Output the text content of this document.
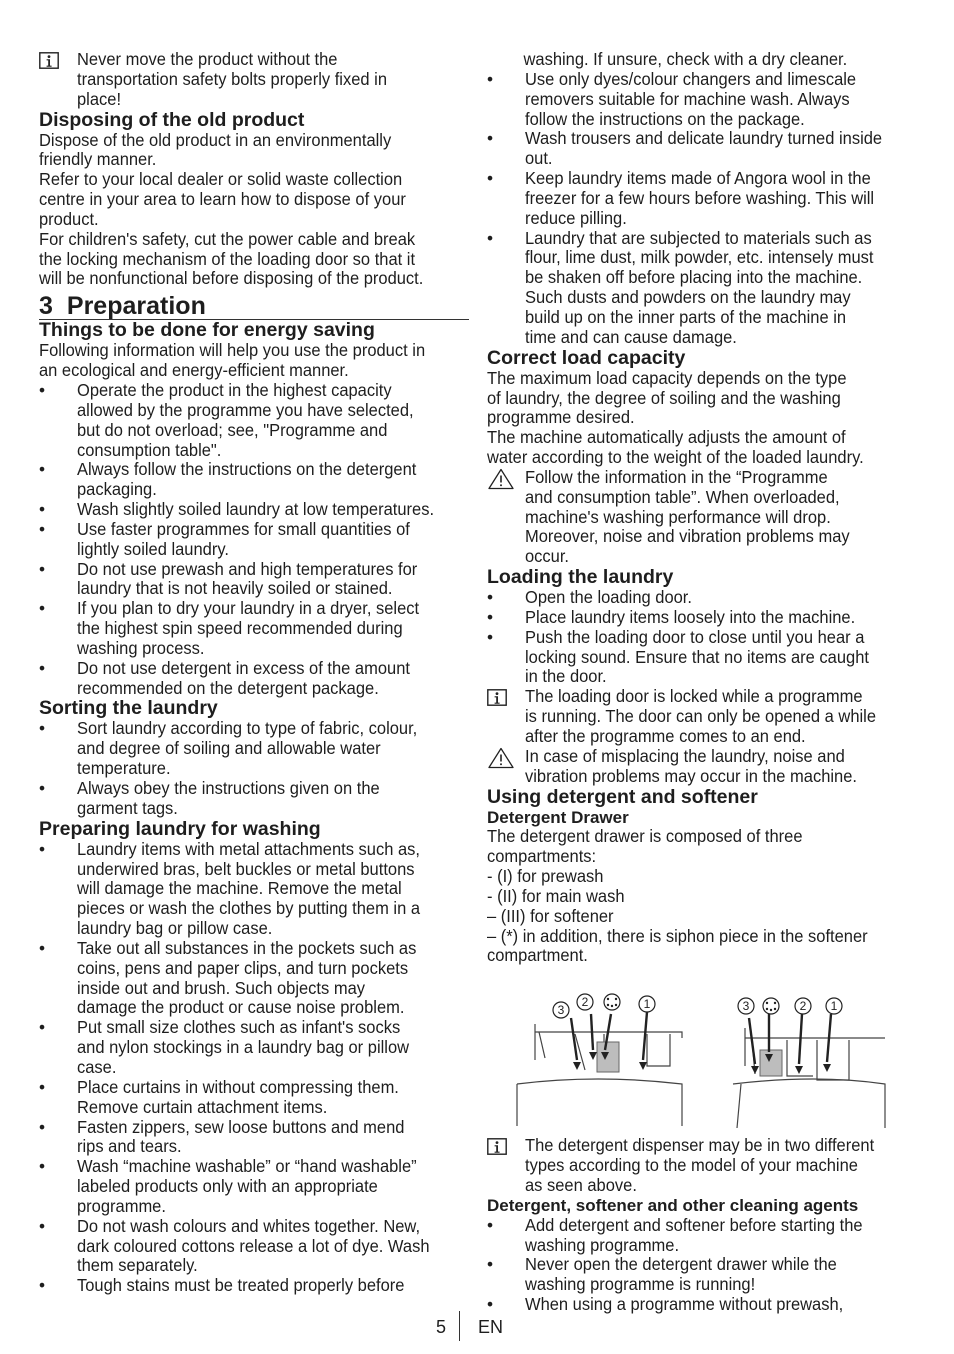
Never move the product without the

transportation safety bolts properly fixed in

place!

Disposing of the old product

Dispose of the old product in an environmentally

friendly manner.

Refer to your local dealer or solid waste collection

centre in your area to learn how to dispose of your

product.

For children's safety, cut the power cable and break

the locking mechanism of the loading door so that it

will be nonfunctional before disposing of the product.

3 Preparation
Things to be done for energy saving

Following information will help you use the product in

an ecological and energy-efficient manner.

• Operate the product in the highest capacity

allowed by the programme you have selected,

but do not overload; see, "Programme and

consumption table".

• Always follow the instructions on the detergent

packaging.

• Wash slightly soiled laundry at low temperatures.

• Use faster programmes for small quantities of

lightly soiled laundry.

• Do not use prewash and high temperatures for

laundry that is not heavily soiled or stained.

• If you plan to dry your laundry in a dryer, select

the highest spin speed recommended during

washing process.

• Do not use detergent in excess of the amount

recommended on the detergent package.

Sorting the laundry
• Sort laundry according to type of fabric, colour,

and degree of soiling and allowable water

temperature.

• Always obey the instructions given on the

garment tags.

Preparing laundry for washing
• Laundry items with metal attachments such as,

underwired bras, belt buckles or metal buttons

will damage the machine. Remove the metal

pieces or wash the clothes by putting them in a

laundry bag or pillow case.

• Take out all substances in the pockets such as

coins, pens and paper clips, and turn pockets

inside out and brush. Such objects may

damage the product or cause noise problem.

• Put small size clothes such as infant's socks

and nylon stockings in a laundry bag or pillow

case.

• Place curtains in without compressing them.

Remove curtain attachment items.

• Fasten zippers, sew loose buttons and mend

rips and tears.

• Wash “machine washable” or “hand washable”

labeled products only with an appropriate

programme.

• Do not wash colours and whites together. New,

dark coloured cottons release a lot of dye. Wash

them separately.

• Tough stains must be treated properly before

washing. If unsure, check with a dry cleaner.

• Use only dyes/colour changers and limescale

removers suitable for machine wash. Always

follow the instructions on the package.

• Wash trousers and delicate laundry turned inside

out.

• Keep laundry items made of Angora wool in the

freezer for a few hours before washing. This will

reduce pilling.

• Laundry that are subjected to materials such as

flour, lime dust, milk powder, etc. intensely must

be shaken off before placing into the machine.

Such dusts and powders on the laundry may

build up on the inner parts of the machine in

time and can cause damage.

Correct load capacity

The maximum load capacity depends on the type

of laundry, the degree of soiling and the washing

programme desired.

The machine automatically adjusts the amount of

water according to the weight of the loaded laundry.

Follow the information in the “Programme

and consumption table”. When overloaded,

machine's washing performance will drop.

Moreover, noise and vibration problems may

occur.

Loading the laundry
• Open the loading door.

• Place laundry items loosely into the machine.

• Push the loading door to close until you hear a

locking sound. Ensure that no items are caught

in the door.

The loading door is locked while a programme

is running. The door can only be opened a while

after the programme comes to an end.

In case of misplacing the laundry, noise and

vibration problems may occur in the machine.

Using detergent and softener
Detergent Drawer

The detergent drawer is composed of three

compartments:

- (I) for prewash

- (II) for main wash

– (III) for softener

– (*) in addition, there is siphon piece in the softener

compartment.

3
2	1	3	2 1

The detergent dispenser may be in two different

types according to the model of your machine

as seen above.

Detergent, softener and other cleaning agents
• Add detergent and softener before starting the

washing programme.

• Never open the detergent drawer while the

washing programme is running!

• When using a programme without prewash,

5 EN
